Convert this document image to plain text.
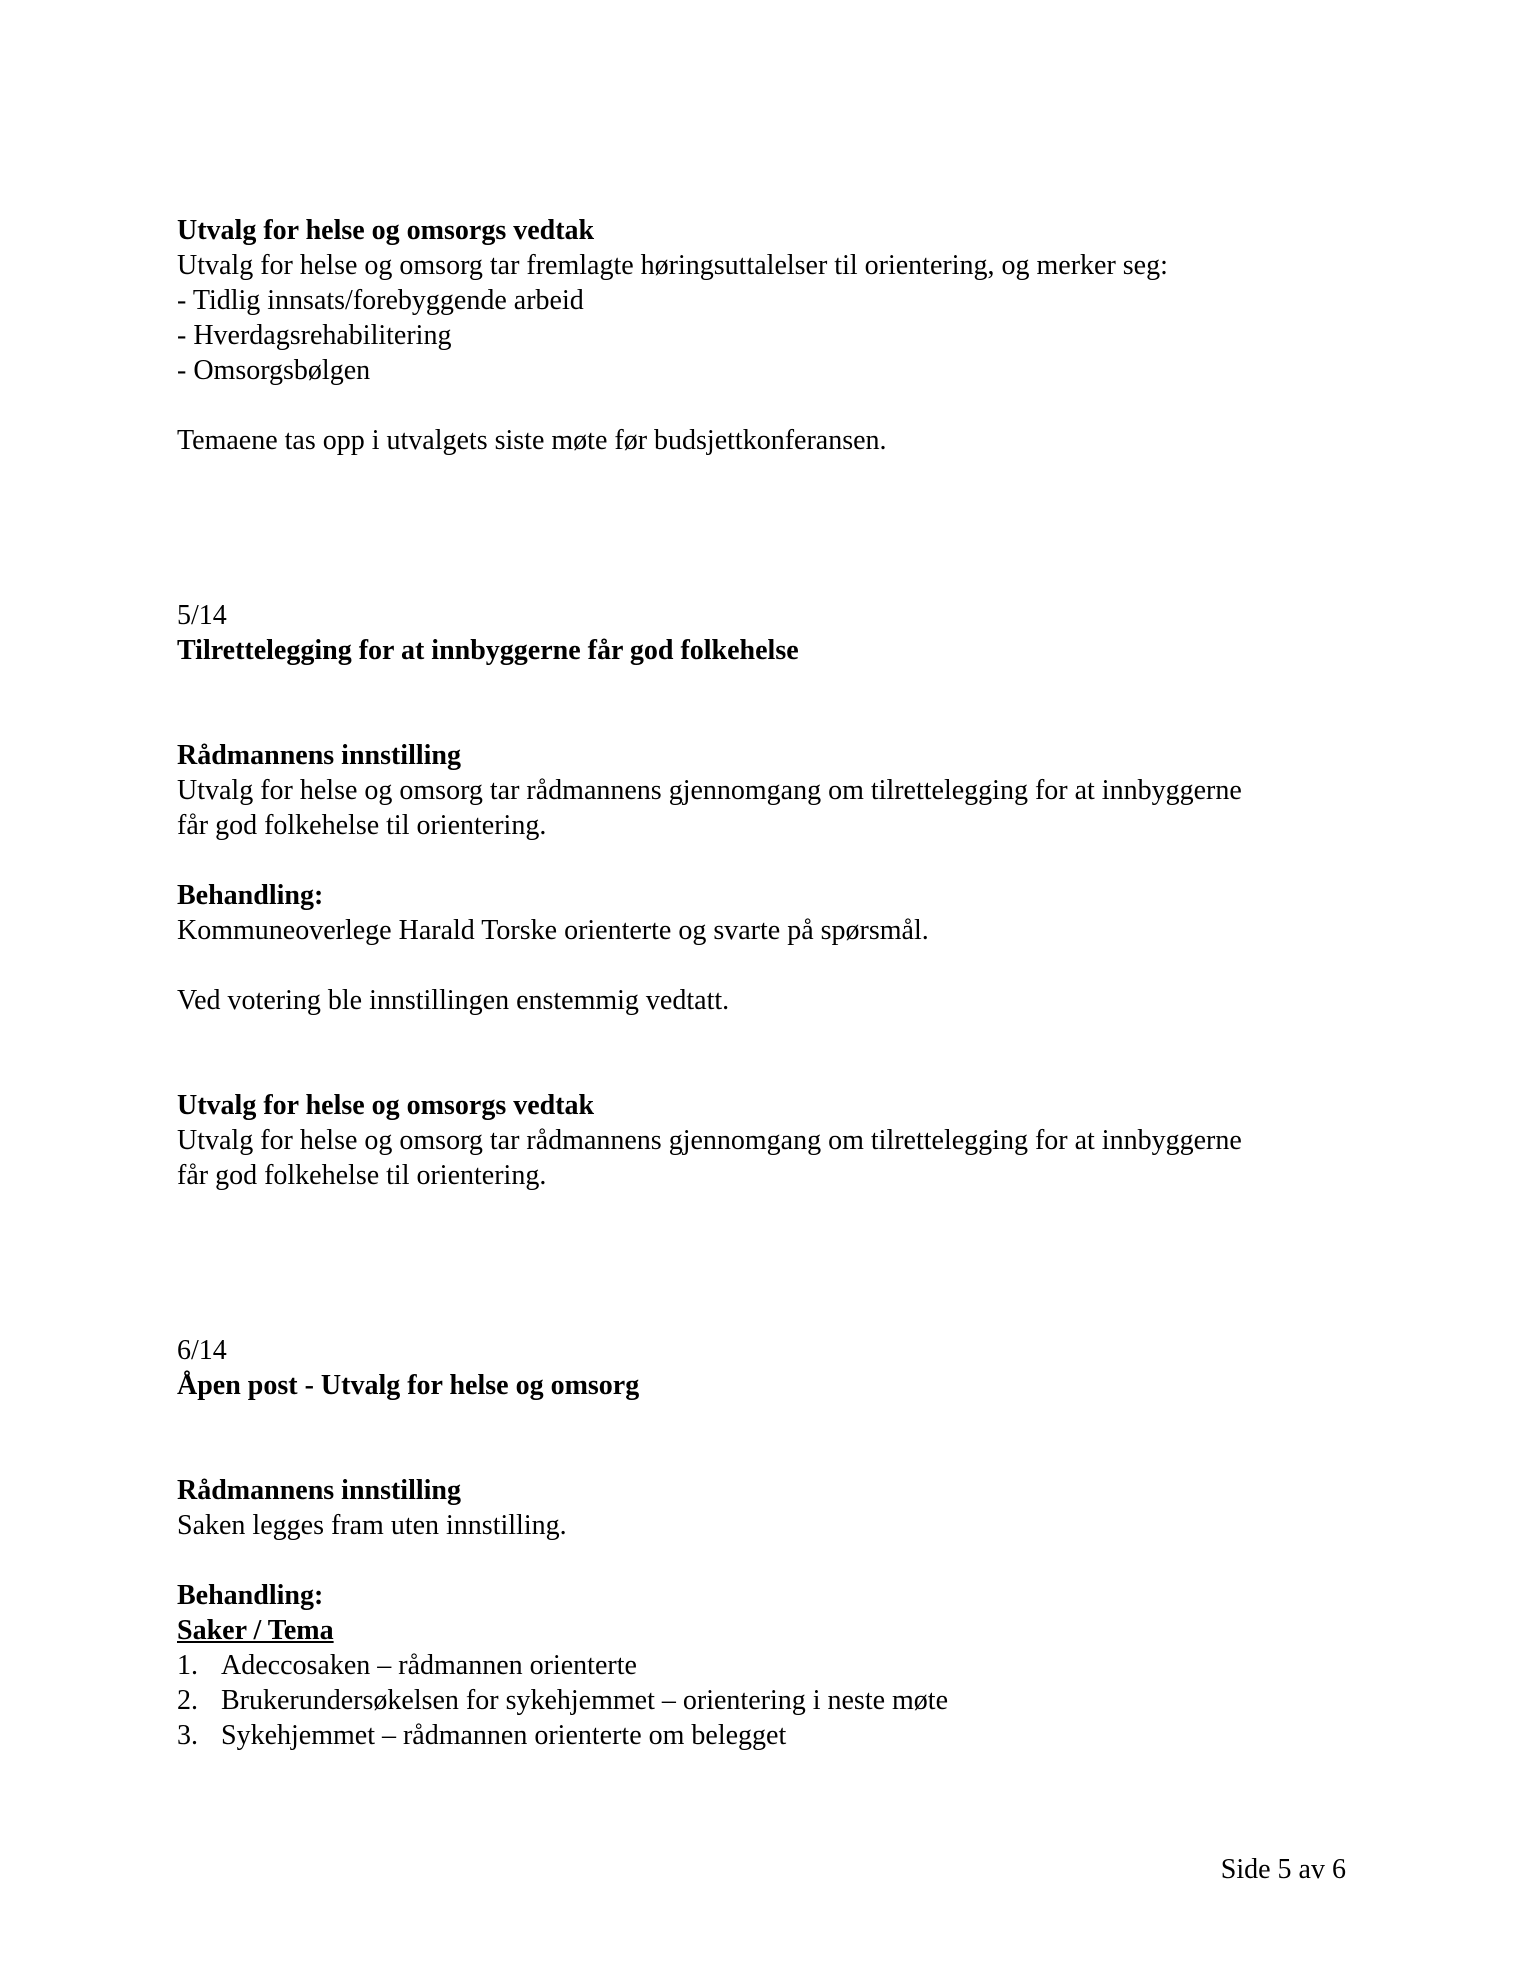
Utvalg for helse og omsorgs vedtak
Utvalg for helse og omsorg tar fremlagte høringsuttalelser til orientering, og merker seg:
- Tidlig innsats/forebyggende arbeid
- Hverdagsrehabilitering
- Omsorgsbølgen
Temaene tas opp i utvalgets siste møte før budsjettkonferansen.
5/14
Tilrettelegging for at innbyggerne får god folkehelse
Rådmannens innstilling
Utvalg for helse og omsorg tar rådmannens gjennomgang om tilrettelegging for at innbyggerne
får god folkehelse til orientering.
Behandling:
Kommuneoverlege Harald Torske orienterte og svarte på spørsmål.
Ved votering ble innstillingen enstemmig vedtatt.
Utvalg for helse og omsorgs vedtak
Utvalg for helse og omsorg tar rådmannens gjennomgang om tilrettelegging for at innbyggerne
får god folkehelse til orientering.
6/14
Åpen post - Utvalg for helse og omsorg
Rådmannens innstilling
Saken legges fram uten innstilling.
Behandling:
Saker / Tema
1. Adeccosaken – rådmannen orienterte
2. Brukerundersøkelsen for sykehjemmet – orientering i neste møte
3. Sykehjemmet – rådmannen orienterte om belegget
Side 5 av 6
